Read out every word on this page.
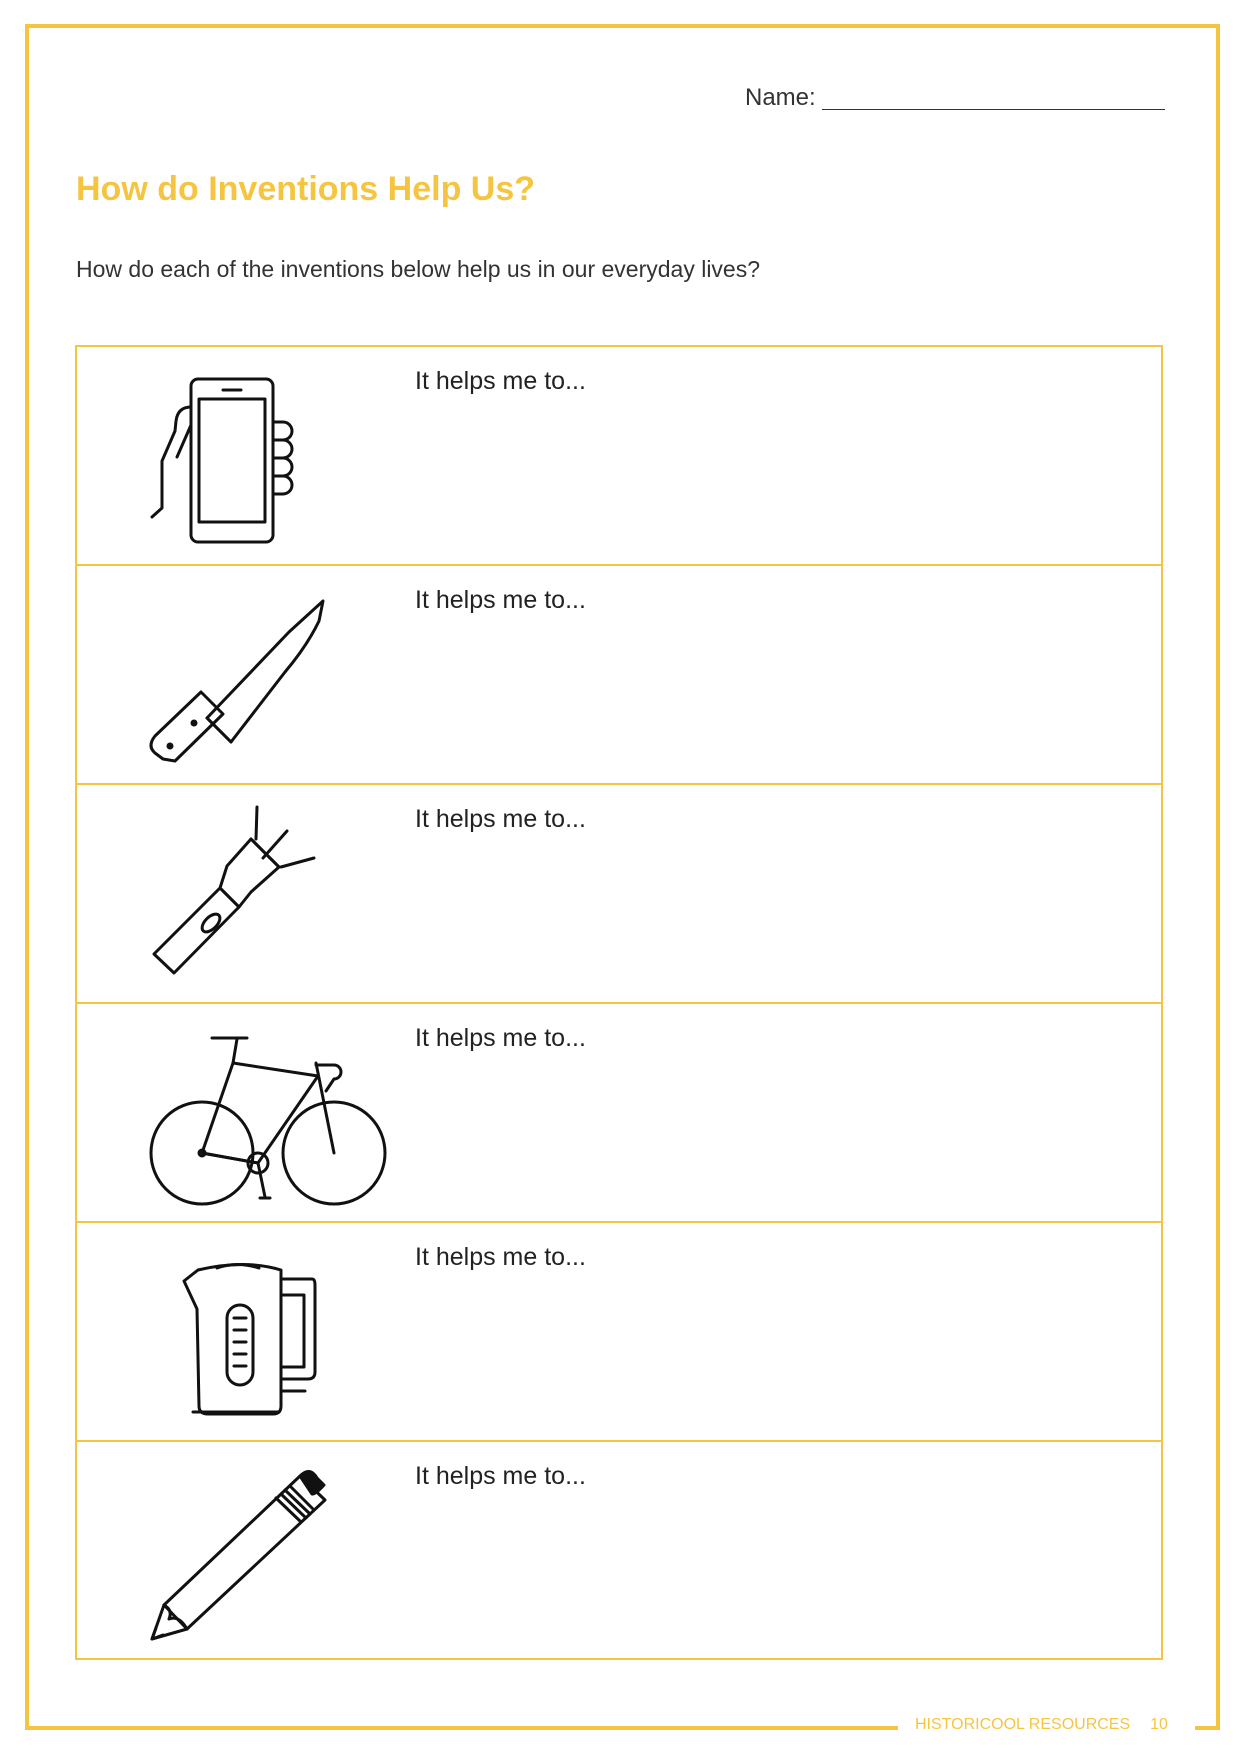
Name:
How do Inventions Help Us?

How do each of the inventions below help us in our everyday lives?

It helps me to...
It helps me to...
It helps me to...
It helps me to...
It helps me to...
It helps me to...
HISTORICOOL RESOURCES 10
